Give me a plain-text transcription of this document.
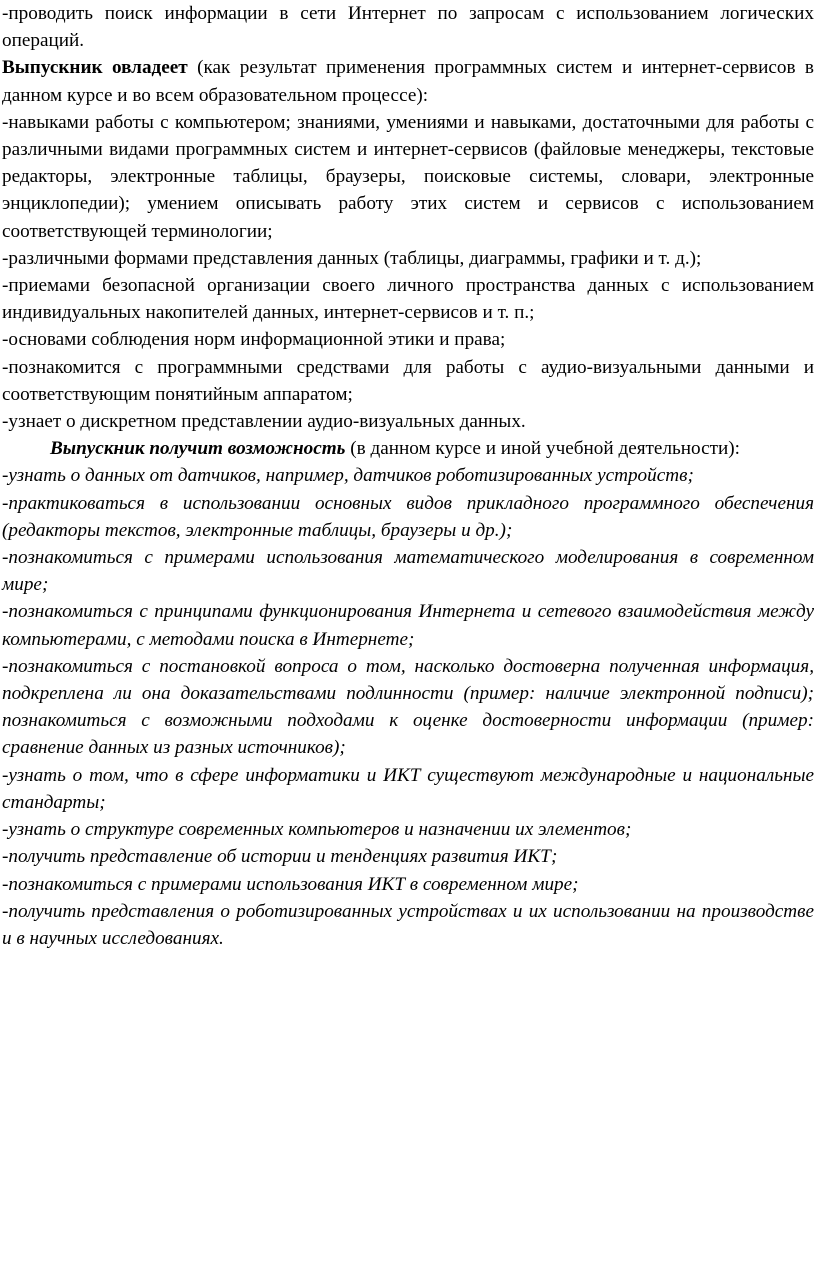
-проводить поиск информации в сети Интернет по запросам с использованием логических операций.

Выпускник овладеет (как результат применения программных систем и интернет-сервисов в данном курсе и во всем образовательном процессе):

-навыками работы с компьютером; знаниями, умениями и навыками, достаточными для работы с различными видами программных систем и интернет-сервисов (файловые менеджеры, текстовые редакторы, электронные таблицы, браузеры, поисковые системы, словари, электронные энциклопедии); умением описывать работу этих систем и сервисов с использованием соответствующей терминологии;

-различными формами представления данных (таблицы, диаграммы, графики и т. д.);

-приемами безопасной организации своего личного пространства данных с использованием индивидуальных накопителей данных, интернет-сервисов и т. п.;

-основами соблюдения норм информационной этики и права;

-познакомится с программными средствами для работы с аудио-визуальными данными и соответствующим понятийным аппаратом;

-узнает о дискретном представлении аудио-визуальных данных.

Выпускник получит возможность (в данном курсе и иной учебной деятельности):

-узнать о данных от датчиков, например, датчиков роботизированных устройств;

-практиковаться в использовании основных видов прикладного программного обеспечения (редакторы текстов, электронные таблицы, браузеры и др.);

-познакомиться с примерами использования математического моделирования в современном мире;

-познакомиться с принципами функционирования Интернета и сетевого взаимодействия между компьютерами, с методами поиска в Интернете;

-познакомиться с постановкой вопроса о том, насколько достоверна полученная информация, подкреплена ли она доказательствами подлинности (пример: наличие электронной подписи); познакомиться с возможными подходами к оценке достоверности информации (пример: сравнение данных из разных источников);

-узнать о том, что в сфере информатики и ИКТ существуют международные и национальные стандарты;

-узнать о структуре современных компьютеров и назначении их элементов;

-получить представление об истории и тенденциях развития ИКТ;

-познакомиться с примерами использования ИКТ в современном мире;

-получить представления о роботизированных устройствах и их использовании на производстве и в научных исследованиях.
